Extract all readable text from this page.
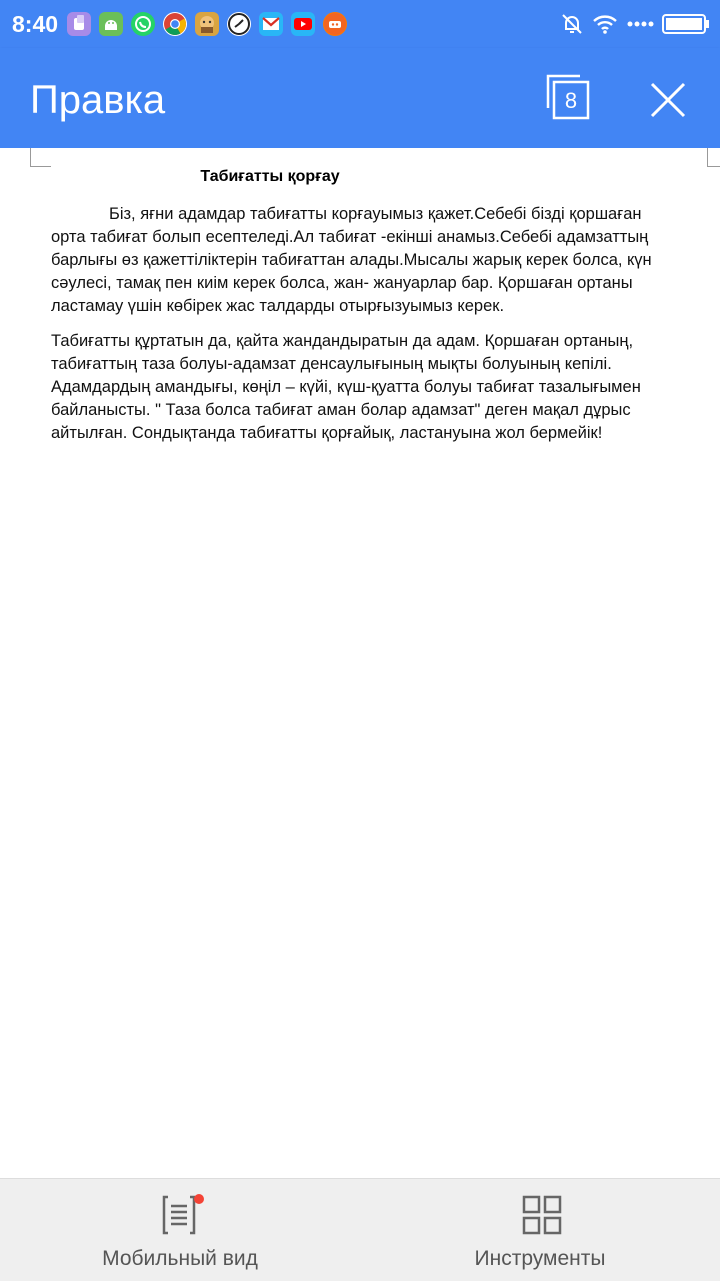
8:40
Правка	8
Табиғатты қорғау
Біз, яғни адамдар табиғатты корғауымыз қажет.Себебі бізді қоршаған орта табиғат болып есептеледі.Ал табиғат -екінші анамыз.Себебі адамзаттың барлығы өз қажеттіліктерін табиғаттан алады.Мысалы жарық керек болса, күн сәулесі, тамақ пен киім керек болса, жан- жануарлар бар. Қоршаған ортаны ластамау үшін көбірек жас талдарды отырғызуымыз керек.
Табиғатты құртатын да, қайта жандандыратын да адам. Қоршаған ортаның, табиғаттың таза болуы-адамзат денсаулығының мықты болуының кепілі. Адамдардың амандығы, көңіл – күйі, күш-қуатта болуы табиғат тазалығымен байланысты. " Таза болса табиғат аман болар адамзат" деген мақал дұрыс айтылған. Сондықтанда табиғатты қорғайық, ластануына жол бермейік!
Мобильный вид	Инструменты
